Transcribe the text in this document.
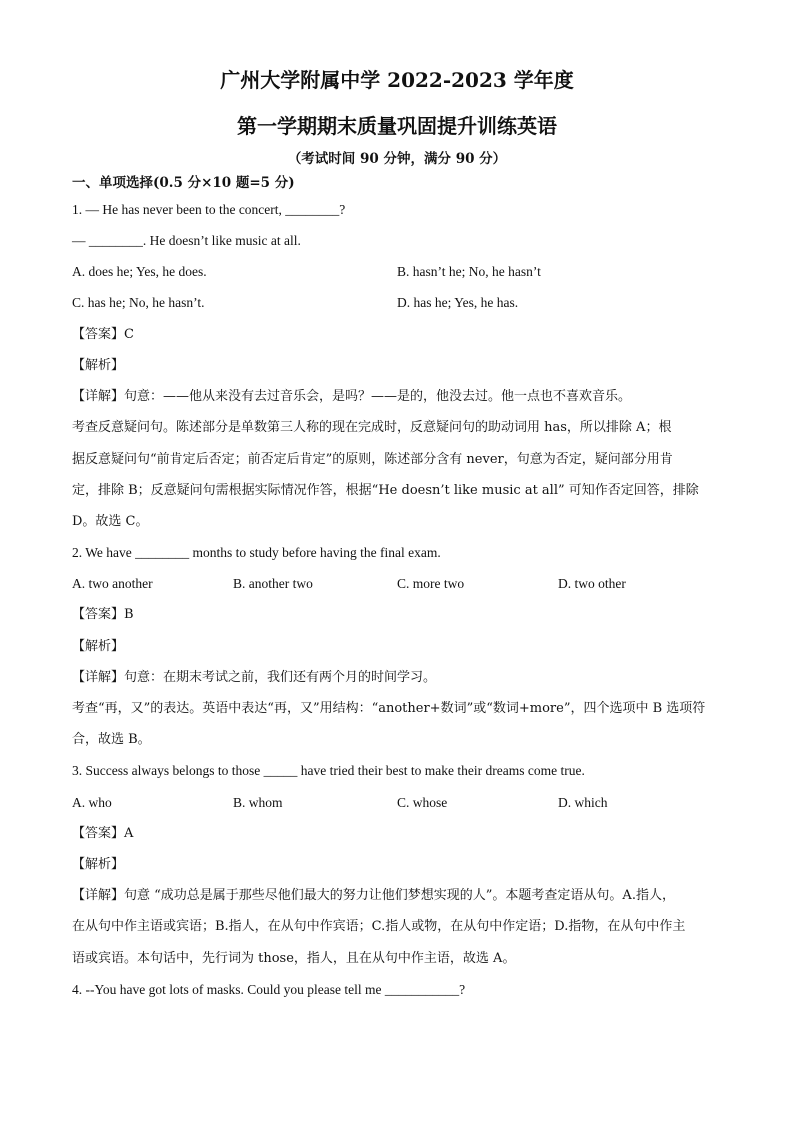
广州大学附属中学 2022-2023 学年度
第一学期期末质量巩固提升训练英语
（考试时间 90 分钟，满分 90 分）
一、单项选择(0.5 分×10 题=5 分)
1. — He has never been to the concert, ________?
— ________. He doesn’t like music at all.
A. does he; Yes, he does.	B. hasn’t he; No, he hasn’t
C. has he; No, he hasn’t.	D. has he; Yes, he has.
【答案】C
【解析】
【详解】句意：——他从来没有去过音乐会，是吗？——是的，他没去过。他一点也不喜欢音乐。
考查反意疑问句。陈述部分是单数第三人称的现在完成时，反意疑问句的助动词用 has，所以排除 A；根
据反意疑问句“前肯定后否定；前否定后肯定”的原则，陈述部分含有 never，句意为否定，疑问部分用肯
定，排除 B；反意疑问句需根据实际情况作答，根据“He doesn’t like music at all” 可知作否定回答，排除
D。故选 C。
2. We have ________ months to study before having the final exam.
A. two another	B. another two	C. more two	D. two other
【答案】B
【解析】
【详解】句意：在期末考试之前，我们还有两个月的时间学习。
考查“再，又”的表达。英语中表达“再，又”用结构：“another+数词”或“数词+more”，四个选项中 B 选项符
合，故选 B。
3. Success always belongs to those _____ have tried their best to make their dreams come true.
A. who	B. whom	C. whose	D. which
【答案】A
【解析】
【详解】句意 “成功总是属于那些尽他们最大的努力让他们梦想实现的人”。本题考查定语从句。A.指人，
在从句中作主语或宾语；B.指人，在从句中作宾语；C.指人或物，在从句中作定语；D.指物，在从句中作主
语或宾语。本句话中，先行词为 those，指人，且在从句中作主语，故选 A。
4. --You have got lots of masks. Could you please tell me ___________?
